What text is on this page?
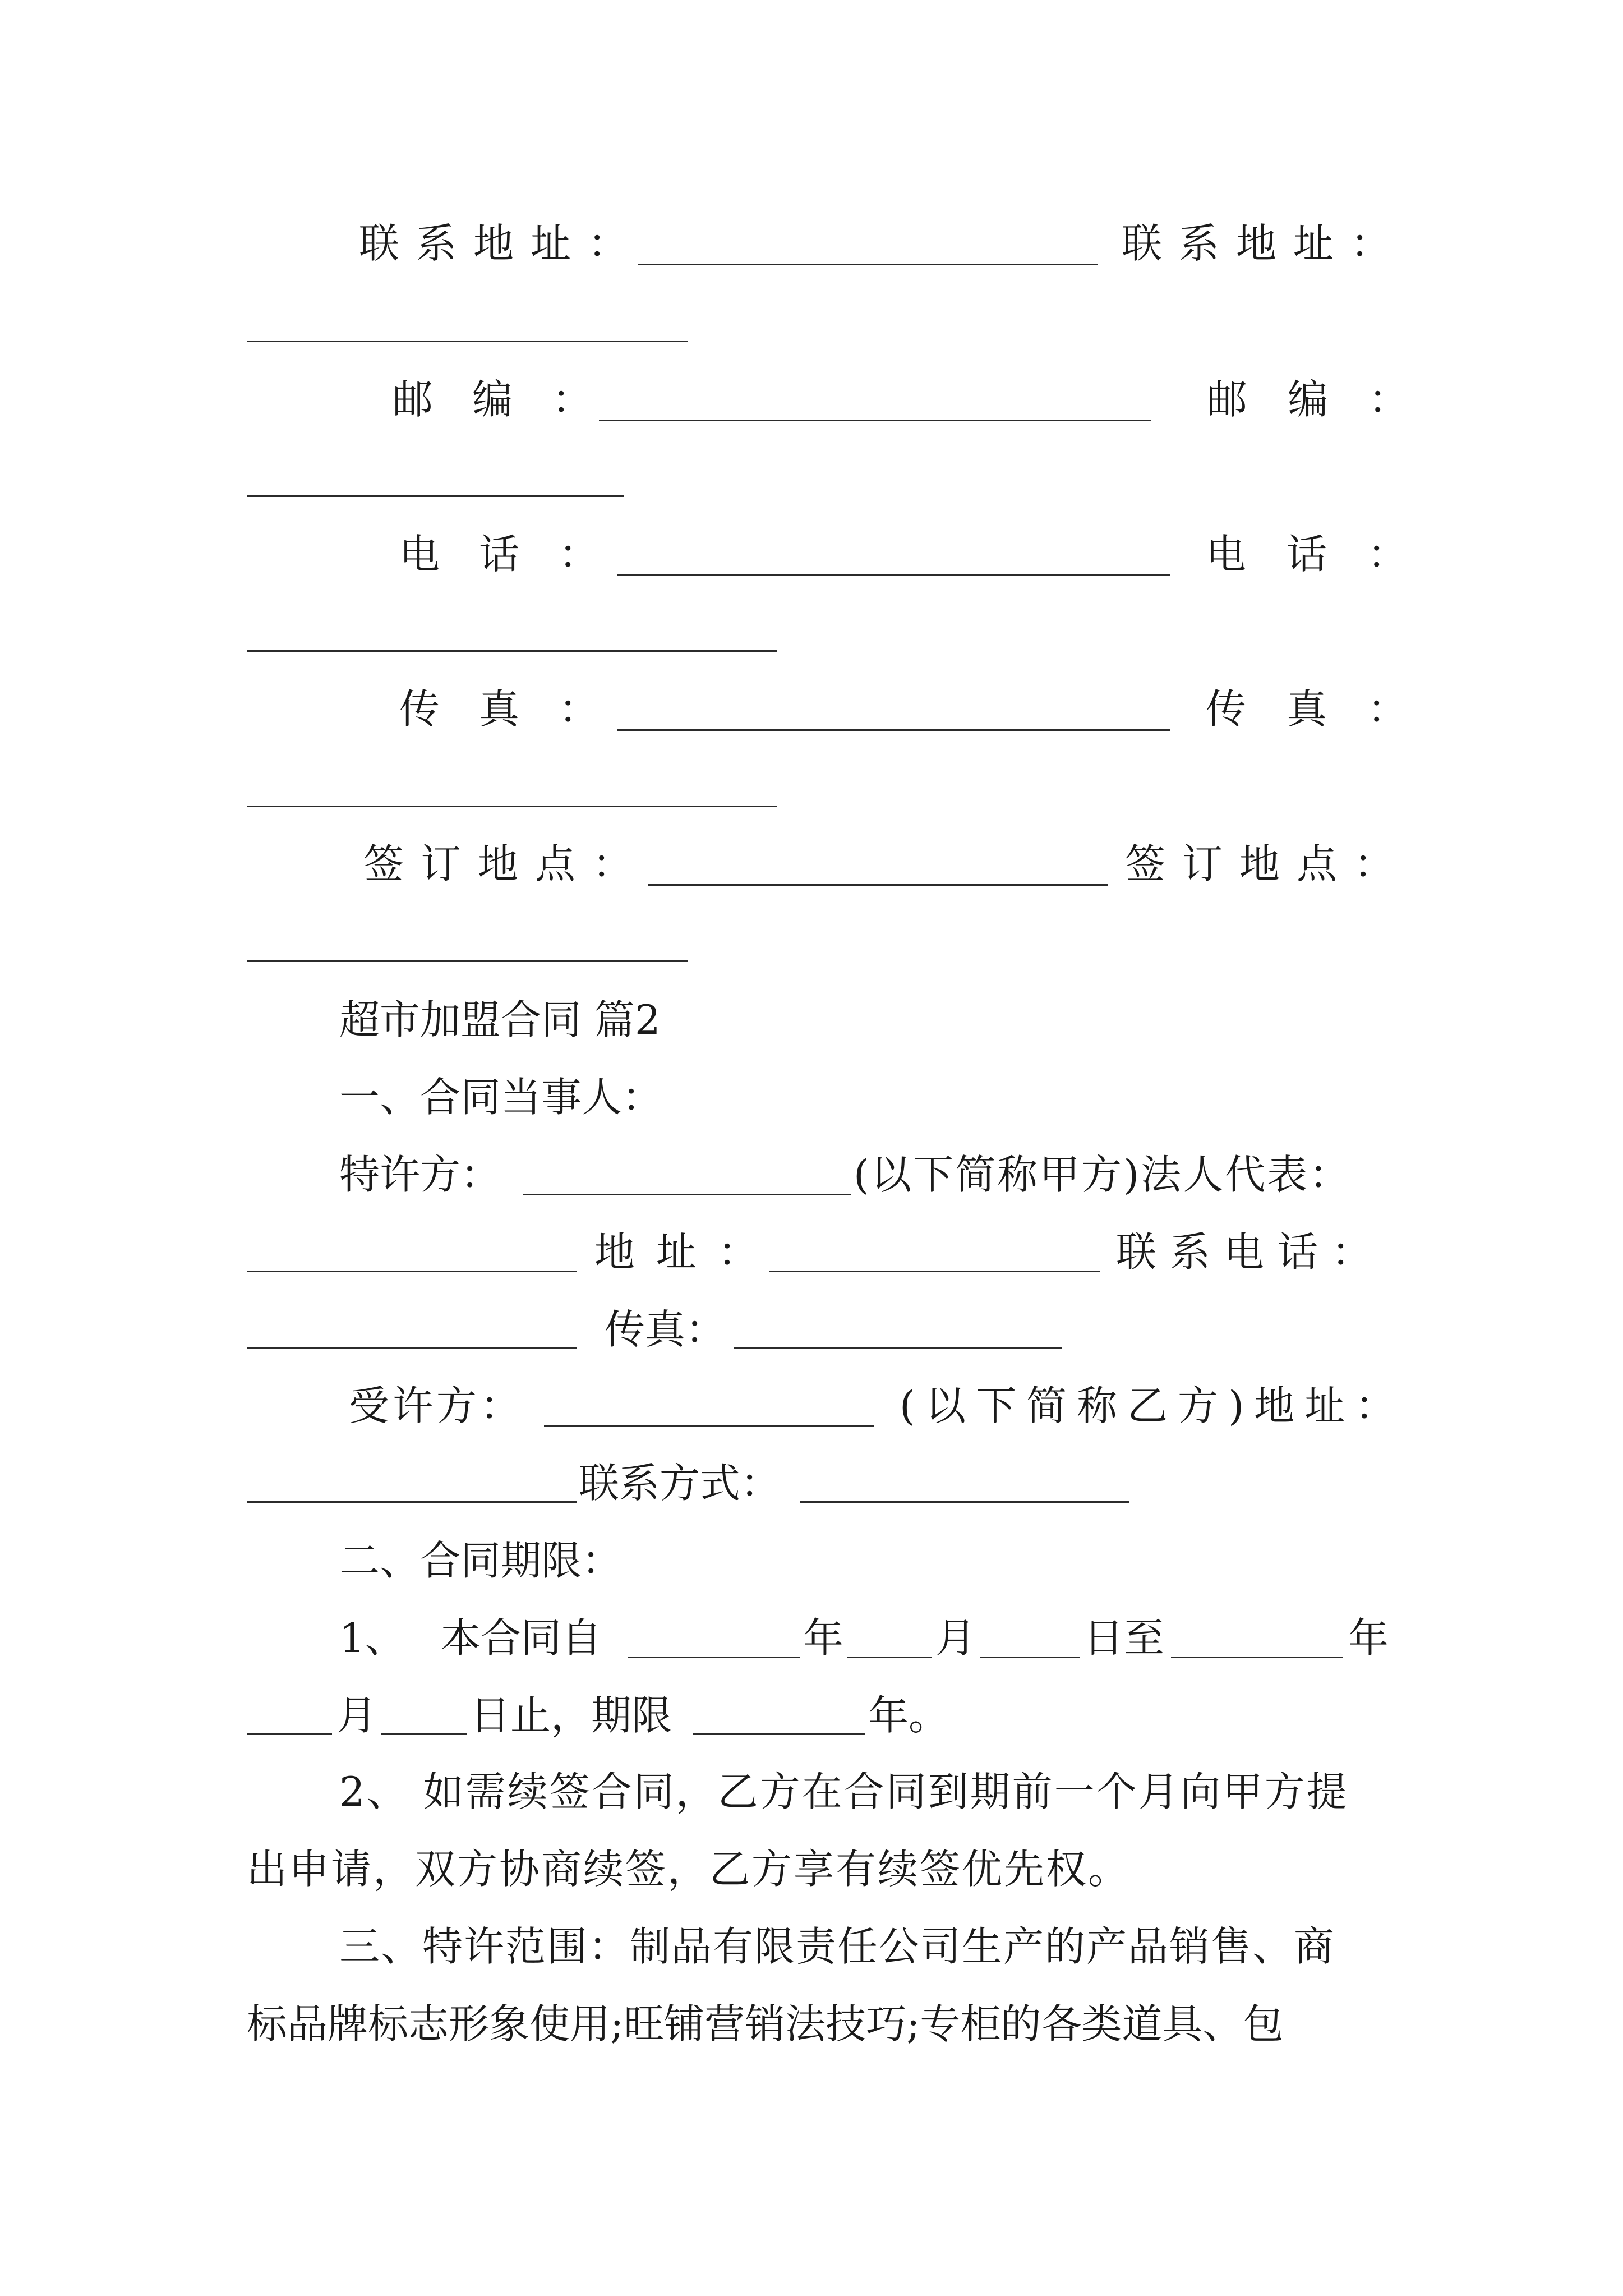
联系地址：	联系地址：
邮编：	邮编：
电话：	电话：
传真：	传真：
签订地点：	签订地点：
超市加盟合同 篇2
一、合同当事人：
特许方：	(以下简称甲方)法人代表：
地址：	联系电话：
传真：
受许方：	(以下简称乙方)地址：
联系方式：
二、合同期限：
1、 本合同自	年 月	日至	年
月 日止，期限	年。
2、 如需续签合同，乙方在合同到期前一个月向甲方提
出申请，双方协商续签，乙方享有续签优先权。
三、特许范围：制品有限责任公司生产的产品销售、商
标品牌标志形象使用;旺铺营销法技巧;专柜的各类道具、包
